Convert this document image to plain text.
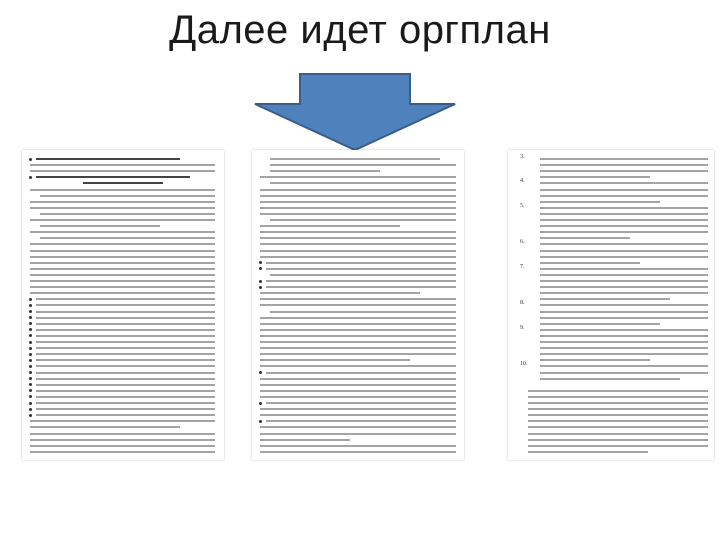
Далее идет оргплан
3.
4.
5.
6.
7.
8.
9.
10.
